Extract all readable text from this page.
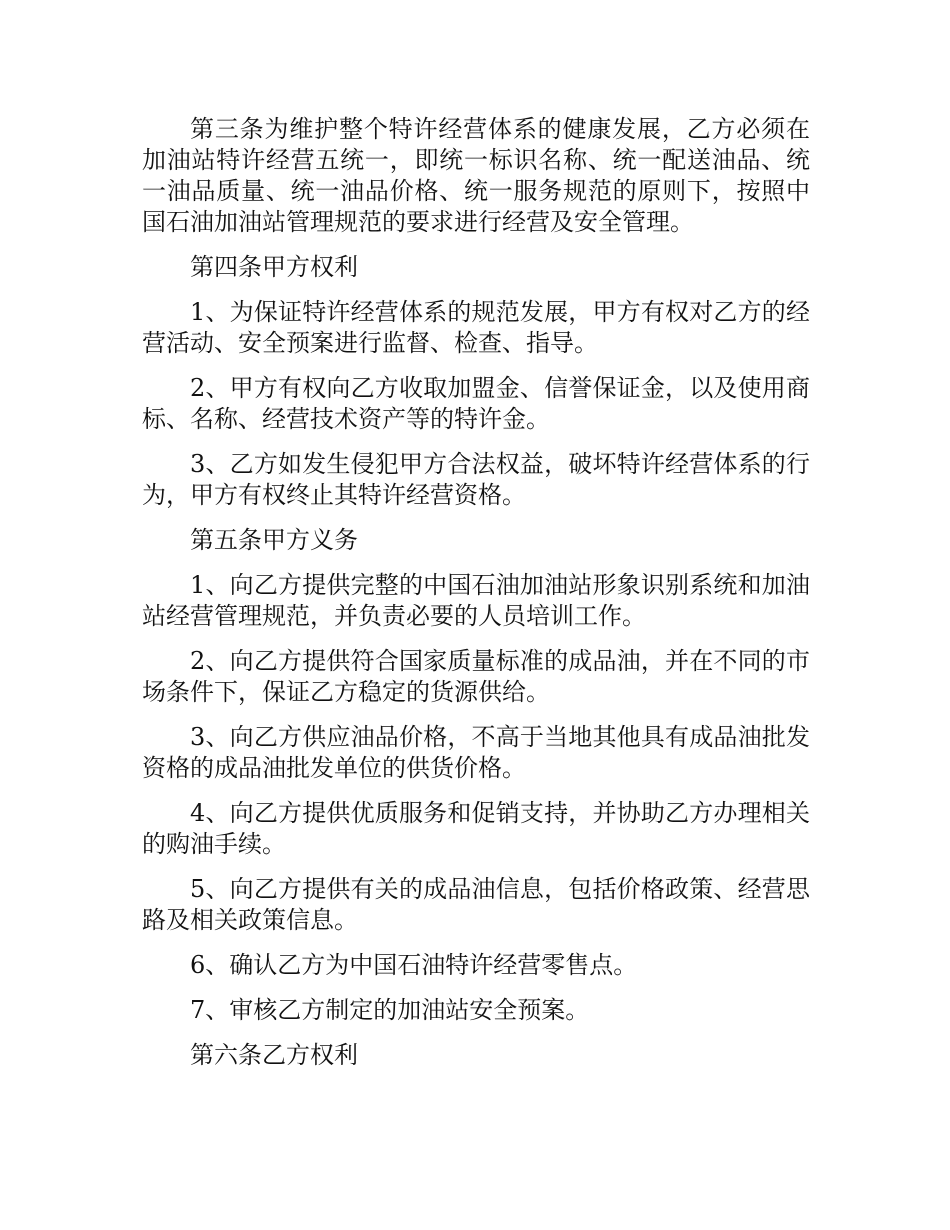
第三条为维护整个特许经营体系的健康发展，乙方必须在加油站特许经营五统一，即统一标识名称、统一配送油品、统一油品质量、统一油品价格、统一服务规范的原则下，按照中国石油加油站管理规范的要求进行经营及安全管理。

第四条甲方权利

1、为保证特许经营体系的规范发展，甲方有权对乙方的经营活动、安全预案进行监督、检查、指导。

2、甲方有权向乙方收取加盟金、信誉保证金，以及使用商标、名称、经营技术资产等的特许金。

3、乙方如发生侵犯甲方合法权益，破坏特许经营体系的行为，甲方有权终止其特许经营资格。

第五条甲方义务

1、向乙方提供完整的中国石油加油站形象识别系统和加油站经营管理规范，并负责必要的人员培训工作。

2、向乙方提供符合国家质量标准的成品油，并在不同的市场条件下，保证乙方稳定的货源供给。

3、向乙方供应油品价格，不高于当地其他具有成品油批发资格的成品油批发单位的供货价格。

4、向乙方提供优质服务和促销支持，并协助乙方办理相关的购油手续。

5、向乙方提供有关的成品油信息，包括价格政策、经营思路及相关政策信息。

6、确认乙方为中国石油特许经营零售点。

7、审核乙方制定的加油站安全预案。

第六条乙方权利
